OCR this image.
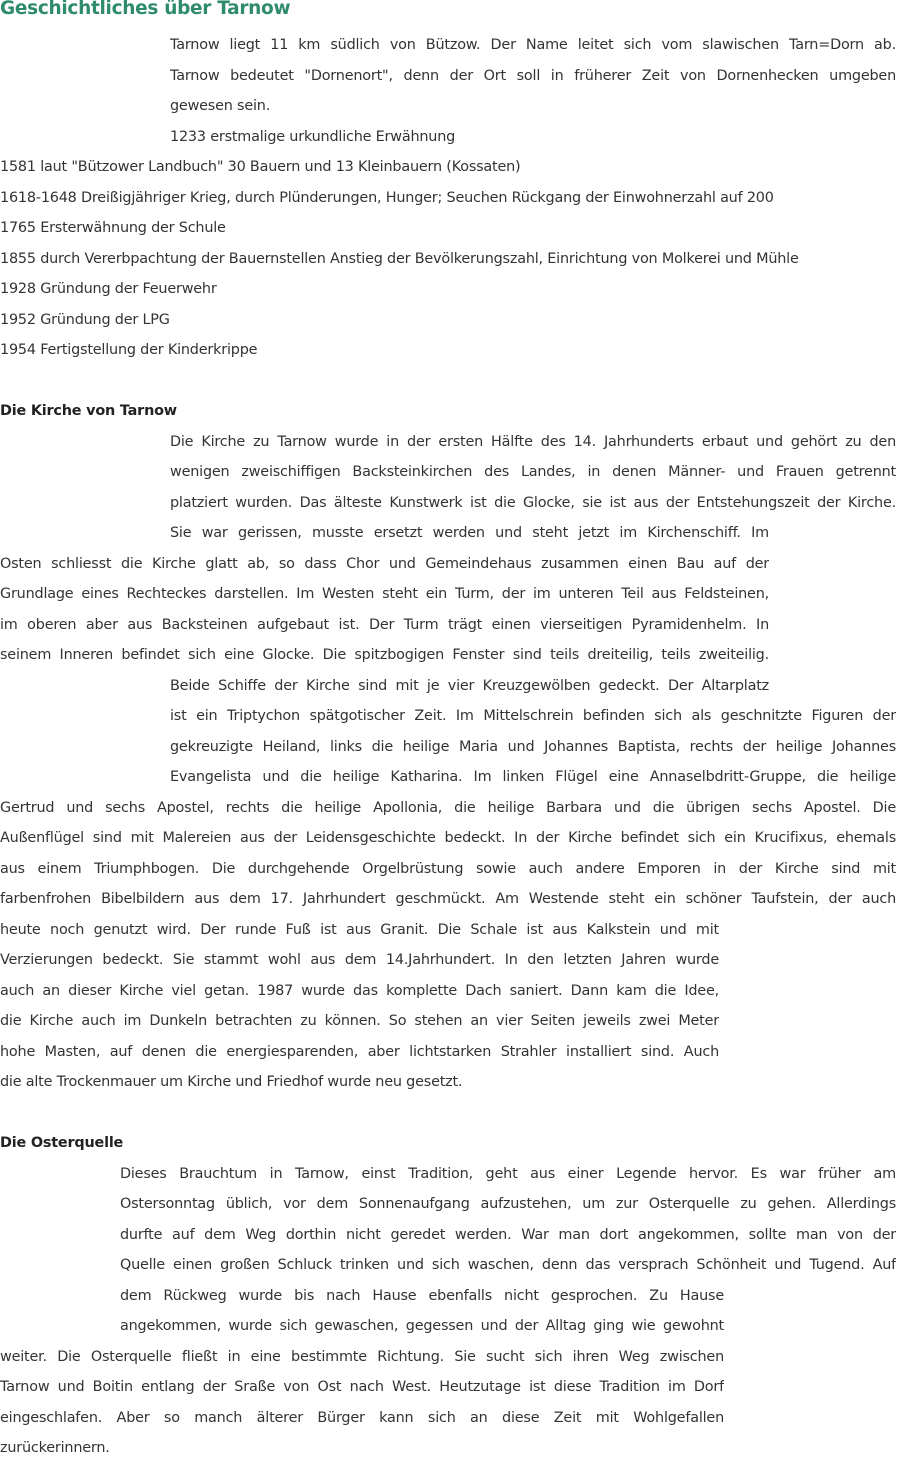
Geschichtliches über Tarnow

Tarnow liegt 11 km südlich von Bützow. Der Name leitet sich vom slawischen Tarn=Dorn ab.

Tarnow bedeutet "Dornenort", denn der Ort soll in früherer Zeit von Dornenhecken umgeben

gewesen sein.

1233 erstmalige urkundliche Erwähnung

1581 laut "Bützower Landbuch" 30 Bauern und 13 Kleinbauern (Kossaten)

1618-1648 Dreißigjähriger Krieg, durch Plünderungen, Hunger; Seuchen Rückgang der Einwohnerzahl auf 200

1765 Ersterwähnung der Schule

1855 durch Vererbpachtung der Bauernstellen Anstieg der Bevölkerungszahl, Einrichtung von Molkerei und Mühle

1928 Gründung der Feuerwehr

1952 Gründung der LPG

1954 Fertigstellung der Kinderkrippe

Die Kirche von Tarnow

Die Kirche zu Tarnow wurde in der ersten Hälfte des 14. Jahrhunderts erbaut und gehört zu den

wenigen zweischiffigen Backsteinkirchen des Landes, in denen Männer- und Frauen getrennt

platziert wurden. Das älteste Kunstwerk ist die Glocke, sie ist aus der Entstehungszeit der Kirche.

Sie war gerissen, musste ersetzt werden und steht jetzt im Kirchenschiff. Im

Osten schliesst die Kirche glatt ab, so dass Chor und Gemeindehaus zusammen einen Bau auf der

Grundlage eines Rechteckes darstellen. Im Westen steht ein Turm, der im unteren Teil aus Feldsteinen,

im oberen aber aus Backsteinen aufgebaut ist. Der Turm trägt einen vierseitigen Pyramidenhelm. In

seinem Inneren befindet sich eine Glocke. Die spitzbogigen Fenster sind teils dreiteilig, teils zweiteilig.

Beide Schiffe der Kirche sind mit je vier Kreuzgewölben gedeckt. Der Altarplatz

ist ein Triptychon spätgotischer Zeit. Im Mittelschrein befinden sich als geschnitzte Figuren der

gekreuzigte Heiland, links die heilige Maria und Johannes Baptista, rechts der heilige Johannes

Evangelista und die heilige Katharina. Im linken Flügel eine Annaselbdritt-Gruppe, die heilige

Gertrud und sechs Apostel, rechts die heilige Apollonia, die heilige Barbara und die übrigen sechs Apostel. Die

Außenflügel sind mit Malereien aus der Leidensgeschichte bedeckt. In der Kirche befindet sich ein Krucifixus, ehemals

aus einem Triumphbogen. Die durchgehende Orgelbrüstung sowie auch andere Emporen in der Kirche sind mit

farbenfrohen Bibelbildern aus dem 17. Jahrhundert geschmückt. Am Westende steht ein schöner Taufstein, der auch

heute noch genutzt wird. Der runde Fuß ist aus Granit. Die Schale ist aus Kalkstein und mit

Verzierungen bedeckt. Sie stammt wohl aus dem 14.Jahrhundert. In den letzten Jahren wurde

auch an dieser Kirche viel getan. 1987 wurde das komplette Dach saniert. Dann kam die Idee,

die Kirche auch im Dunkeln betrachten zu können. So stehen an vier Seiten jeweils zwei Meter

hohe Masten, auf denen die energiesparenden, aber lichtstarken Strahler installiert sind. Auch

die alte Trockenmauer um Kirche und Friedhof wurde neu gesetzt.

Die Osterquelle

Dieses Brauchtum in Tarnow, einst Tradition, geht aus einer Legende hervor. Es war früher am

Ostersonntag üblich, vor dem Sonnenaufgang aufzustehen, um zur Osterquelle zu gehen. Allerdings

durfte auf dem Weg dorthin nicht geredet werden. War man dort angekommen, sollte man von der

Quelle einen großen Schluck trinken und sich waschen, denn das versprach Schönheit und Tugend. Auf

dem Rückweg wurde bis nach Hause ebenfalls nicht gesprochen. Zu Hause

angekommen, wurde sich gewaschen, gegessen und der Alltag ging wie gewohnt

weiter. Die Osterquelle fließt in eine bestimmte Richtung. Sie sucht sich ihren Weg zwischen

Tarnow und Boitin entlang der Sraße von Ost nach West. Heutzutage ist diese Tradition im Dorf

eingeschlafen. Aber so manch älterer Bürger kann sich an diese Zeit mit Wohlgefallen

zurückerinnern.
